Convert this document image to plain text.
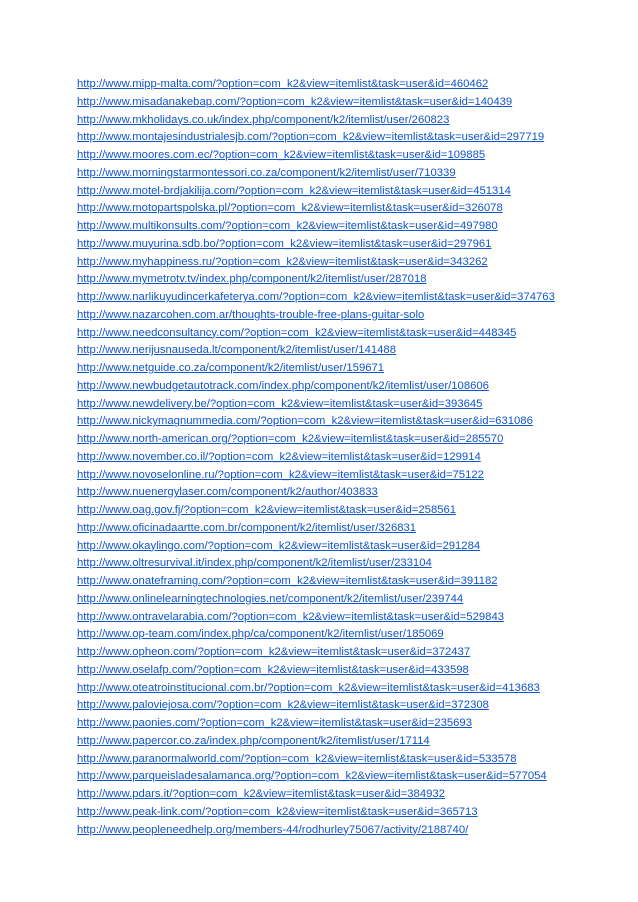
http://www.mipp-malta.com/?option=com_k2&view=itemlist&task=user&id=460462
http://www.misadanakebap.com/?option=com_k2&view=itemlist&task=user&id=140439
http://www.mkholidays.co.uk/index.php/component/k2/itemlist/user/260823
http://www.montajesindustrialesjb.com/?option=com_k2&view=itemlist&task=user&id=297719
http://www.moores.com.ec/?option=com_k2&view=itemlist&task=user&id=109885
http://www.morningstarmontessori.co.za/component/k2/itemlist/user/710339
http://www.motel-brdjakilija.com/?option=com_k2&view=itemlist&task=user&id=451314
http://www.motopartspolska.pl/?option=com_k2&view=itemlist&task=user&id=326078
http://www.multikonsults.com/?option=com_k2&view=itemlist&task=user&id=497980
http://www.muyurina.sdb.bo/?option=com_k2&view=itemlist&task=user&id=297961
http://www.myhappiness.ru/?option=com_k2&view=itemlist&task=user&id=343262
http://www.mymetrotv.tv/index.php/component/k2/itemlist/user/287018
http://www.narlikuyudincerkafeterya.com/?option=com_k2&view=itemlist&task=user&id=374763
http://www.nazarcohen.com.ar/thoughts-trouble-free-plans-guitar-solo
http://www.needconsultancy.com/?option=com_k2&view=itemlist&task=user&id=448345
http://www.nerijusnauseda.lt/component/k2/itemlist/user/141488
http://www.netguide.co.za/component/k2/itemlist/user/159671
http://www.newbudgetautotrack.com/index.php/component/k2/itemlist/user/108606
http://www.newdelivery.be/?option=com_k2&view=itemlist&task=user&id=393645
http://www.nickymagnummedia.com/?option=com_k2&view=itemlist&task=user&id=631086
http://www.north-american.org/?option=com_k2&view=itemlist&task=user&id=285570
http://www.november.co.il/?option=com_k2&view=itemlist&task=user&id=129914
http://www.novoselonline.ru/?option=com_k2&view=itemlist&task=user&id=75122
http://www.nuenergylaser.com/component/k2/author/403833
http://www.oag.gov.fj/?option=com_k2&view=itemlist&task=user&id=258561
http://www.oficinadaartte.com.br/component/k2/itemlist/user/326831
http://www.okaylingo.com/?option=com_k2&view=itemlist&task=user&id=291284
http://www.oltresurvival.it/index.php/component/k2/itemlist/user/233104
http://www.onateframing.com/?option=com_k2&view=itemlist&task=user&id=391182
http://www.onlinelearningtechnologies.net/component/k2/itemlist/user/239744
http://www.ontravelarabia.com/?option=com_k2&view=itemlist&task=user&id=529843
http://www.op-team.com/index.php/ca/component/k2/itemlist/user/185069
http://www.opheon.com/?option=com_k2&view=itemlist&task=user&id=372437
http://www.oselafp.com/?option=com_k2&view=itemlist&task=user&id=433598
http://www.oteatroinstitucional.com.br/?option=com_k2&view=itemlist&task=user&id=413683
http://www.paloviejosa.com/?option=com_k2&view=itemlist&task=user&id=372308
http://www.paonies.com/?option=com_k2&view=itemlist&task=user&id=235693
http://www.papercor.co.za/index.php/component/k2/itemlist/user/17114
http://www.paranormalworld.com/?option=com_k2&view=itemlist&task=user&id=533578
http://www.parqueisladesalamanca.org/?option=com_k2&view=itemlist&task=user&id=577054
http://www.pdars.it/?option=com_k2&view=itemlist&task=user&id=384932
http://www.peak-link.com/?option=com_k2&view=itemlist&task=user&id=365713
http://www.peopleneedhelp.org/members-44/rodhurley75067/activity/2188740/
